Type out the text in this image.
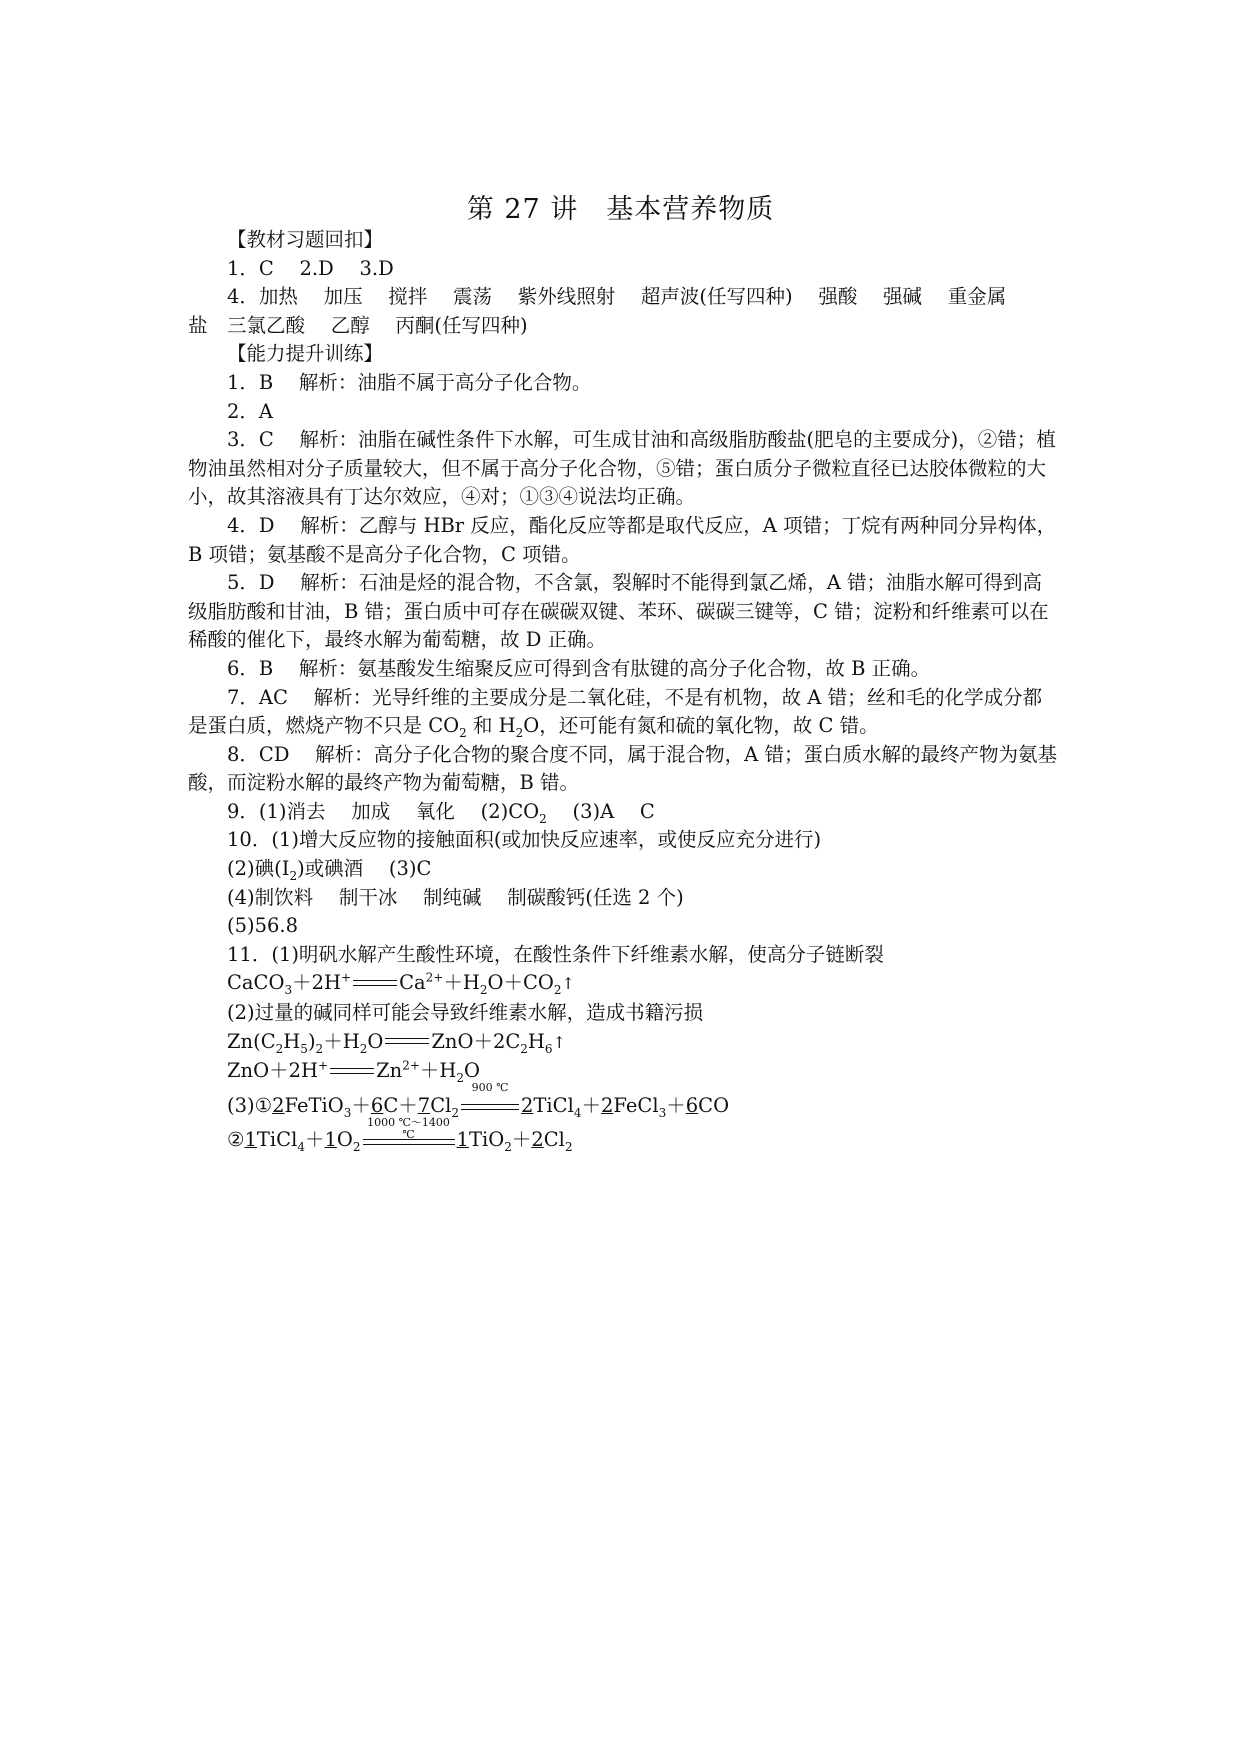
第 27 讲　基本营养物质

【教材习题回扣】

1．C　 2.D　 3.D

4．加热　 加压　 搅拌　 震荡　 紫外线照射　 超声波(任写四种)　 强酸　 强碱　 重金属

盐　三氯乙酸　 乙醇　 丙酮(任写四种)

【能力提升训练】

1．B　 解析：油脂不属于高分子化合物。

2．A

3．C　 解析：油脂在碱性条件下水解，可生成甘油和高级脂肪酸盐(肥皂的主要成分)，②错；植物油虽然相对分子质量较大，但不属于高分子化合物，⑤错；蛋白质分子微粒直径已达胶体微粒的大小，故其溶液具有丁达尔效应，④对；①③④说法均正确。

4．D　 解析：乙醇与 HBr 反应，酯化反应等都是取代反应，A 项错；丁烷有两种同分异构体，B 项错；氨基酸不是高分子化合物，C 项错。

5．D　 解析：石油是烃的混合物，不含氯，裂解时不能得到氯乙烯，A 错；油脂水解可得到高级脂肪酸和甘油，B 错；蛋白质中可存在碳碳双键、苯环、碳碳三键等，C 错；淀粉和纤维素可以在稀酸的催化下，最终水解为葡萄糖，故 D 正确。

6．B　 解析：氨基酸发生缩聚反应可得到含有肽键的高分子化合物，故 B 正确。

7．AC　 解析：光导纤维的主要成分是二氧化硅，不是有机物，故 A 错；丝和毛的化学成分都是蛋白质，燃烧产物不只是 $CO_2$ 和 $H_2O$，还可能有氮和硫的氧化物，故 C 错。

8．CD　 解析：高分子化合物的聚合度不同，属于混合物，A 错；蛋白质水解的最终产物为氨基酸，而淀粉水解的最终产物为葡萄糖，B 错。

9．(1)消去　 加成　 氧化　 $(2)CO_2$　 (3)A　 C

10．(1)增大反应物的接触面积(或加快反应速率，或使反应充分进行)

(2)碘$(I_2)$或碘酒　 (3)C

(4)制饮料　 制干冰　 制纯碱　 制碳酸钙(任选 2 个)

(5)56.8

11．(1)明矾水解产生酸性环境，在酸性条件下纤维素水解，使高分子链断裂

CaCO$_3$＋2H+ $Ca^{2+}+H_2O+CO_2↑$

(2)过量的碱同样可能会导致纤维素水解，造成书籍污损

$Zn(C_2H_5)_2+H_2O$ $ZnO+2C_2H_6↑$

ZnO＋2H+ $Zn^{2+}+H_2O$

$(3)①2FeTiO_3+6C+7Cl_2$
900 ℃
2TiCl$_4$＋2FeCl$_3$＋6CO

$②1TiCl_4+1O_2$
1000 ℃～1400 ℃	$1TiO_2+2Cl_2$
